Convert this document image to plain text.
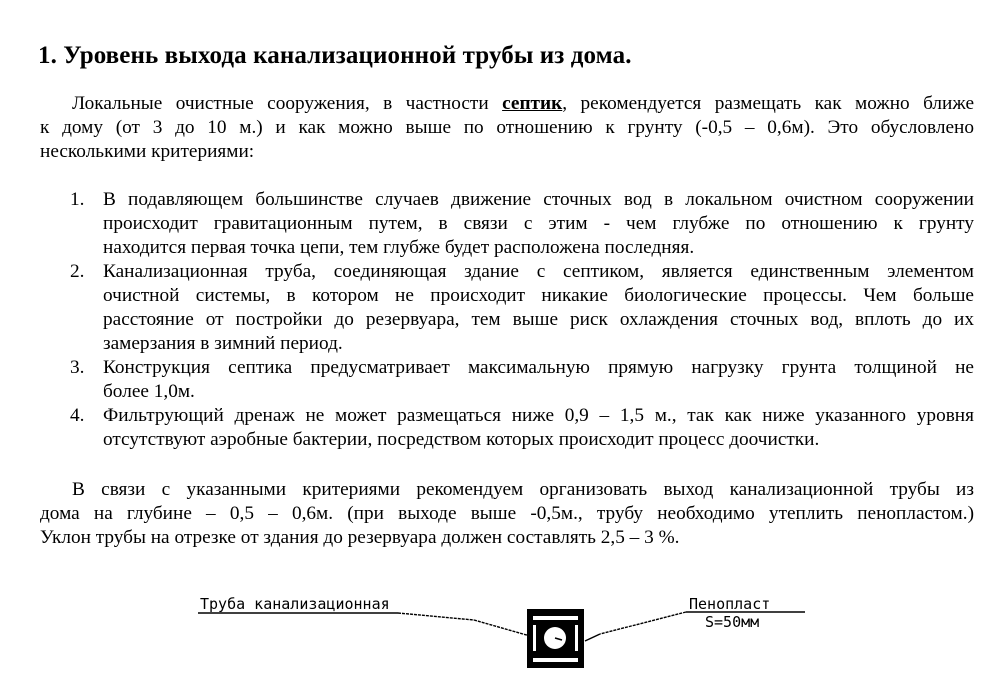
1. Уровень выхода канализационной трубы из дома.
Локальные очистные сооружения, в частности септик, рекомендуется размещать как можно ближе
к дому (от 3 до 10 м.) и как можно выше по отношению к грунту (-0,5 – 0,6м). Это обусловлено
несколькими критериями:
1. В подавляющем большинстве случаев движение сточных вод в локальном очистном сооружении
происходит гравитационным путем, в связи с этим - чем глубже по отношению к грунту
находится первая точка цепи, тем глубже будет расположена последняя.
2. Канализационная труба, соединяющая здание с септиком, является единственным элементом
очистной системы, в котором не происходит никакие биологические процессы. Чем больше
расстояние от постройки до резервуара, тем выше риск охлаждения сточных вод, вплоть до их
замерзания в зимний период.
3. Конструкция септика предусматривает максимальную прямую нагрузку грунта толщиной не
более 1,0м.
4. Фильтрующий дренаж не может размещаться ниже 0,9 – 1,5 м., так как ниже указанного уровня
отсутствуют аэробные бактерии, посредством которых происходит процесс доочистки.
В связи с указанными критериями рекомендуем организовать выход канализационной трубы из
дома на глубине – 0,5 – 0,6м. (при выходе выше -0,5м., трубу необходимо утеплить пенопластом.)
Уклон трубы на отрезке от здания до резервуара должен составлять 2,5 – 3 %.
Труба канализационная	Пенопласт
S=50мм
